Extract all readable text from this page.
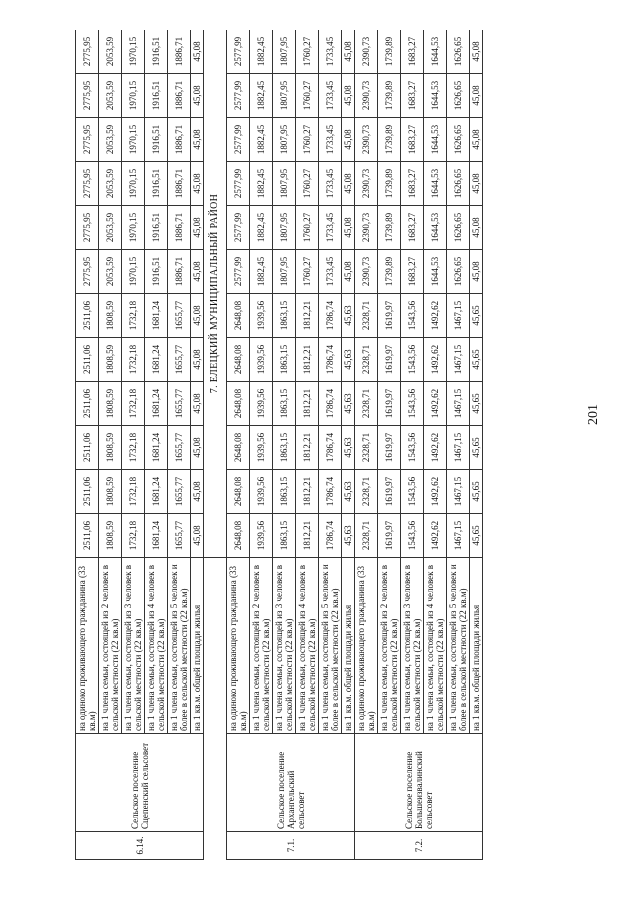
6.14.	Сельское поселение Сцепенский сельсовет	на одиноко проживающего гражданина (33 кв.м)	2511,06	2511,06	2511,06	2511,06	2511,06	2511,06	2775,95	2775,95	2775,95	2775,95	2775,95	2775,95
		на 1 члена семьи, состоящей из 2 человек в сельской местности (22 кв.м)	1808,59	1808,59	1808,59	1808,59	1808,59	1808,59	2053,59	2053,59	2053,59	2053,59	2053,59	2053,59
		на 1 члена семьи, состоящей из 3 человек в сельской местности (22 кв.м)	1732,18	1732,18	1732,18	1732,18	1732,18	1732,18	1970,15	1970,15	1970,15	1970,15	1970,15	1970,15
		на 1 члена семьи, состоящей из 4 человек в сельской местности (22 кв.м)	1681,24	1681,24	1681,24	1681,24	1681,24	1681,24	1916,51	1916,51	1916,51	1916,51	1916,51	1916,51
		на 1 члена семьи, состоящей из 5 человек и более в сельской местности (22 кв.м)	1655,77	1655,77	1655,77	1655,77	1655,77	1655,77	1886,71	1886,71	1886,71	1886,71	1886,71	1886,71
		на 1 кв.м. общей площади жилья	45,08	45,08	45,08	45,08	45,08	45,08	45,08	45,08	45,08	45,08	45,08	45,08
			7. ЕЛЕЦКИЙ МУНИЦИПАЛЬНЫЙ РАЙОН											
7.1.	Сельское поселение Архангельский сельсовет	на одиноко проживающего гражданина (33 кв.м)	2648,08	2648,08	2648,08	2648,08	2648,08	2648,08	2577,99	2577,99	2577,99	2577,99	2577,99	2577,99
		на 1 члена семьи, состоящей из 2 человек в сельской местности (22 кв.м)	1939,56	1939,56	1939,56	1939,56	1939,56	1939,56	1882,45	1882,45	1882,45	1882,45	1882,45	1882,45
		на 1 члена семьи, состоящей из 3 человек в сельской местности (22 кв.м)	1863,15	1863,15	1863,15	1863,15	1863,15	1863,15	1807,95	1807,95	1807,95	1807,95	1807,95	1807,95
		на 1 члена семьи, состоящей из 4 человек в сельской местности (22 кв.м)	1812,21	1812,21	1812,21	1812,21	1812,21	1812,21	1760,27	1760,27	1760,27	1760,27	1760,27	1760,27
		на 1 члена семьи, состоящей из 5 человек и более в сельской местности (22 кв.м)	1786,74	1786,74	1786,74	1786,74	1786,74	1786,74	1733,45	1733,45	1733,45	1733,45	1733,45	1733,45
		на 1 кв.м. общей площади жилья	45,63	45,63	45,63	45,63	45,63	45,63	45,08	45,08	45,08	45,08	45,08	45,08
7.2.	Сельское поселение Большеизвалинский сельсовет	на одиноко проживающего гражданина (33 кв.м)	2328,71	2328,71	2328,71	2328,71	2328,71	2328,71	2390,73	2390,73	2390,73	2390,73	2390,73	2390,73
		на 1 члена семьи, состоящей из 2 человек в сельской местности (22 кв.м)	1619,97	1619,97	1619,97	1619,97	1619,97	1619,97	1739,89	1739,89	1739,89	1739,89	1739,89	1739,89
		на 1 члена семьи, состоящей из 3 человек в сельской местности (22 кв.м)	1543,56	1543,56	1543,56	1543,56	1543,56	1543,56	1683,27	1683,27	1683,27	1683,27	1683,27	1683,27
		на 1 члена семьи, состоящей из 4 человек в сельской местности (22 кв.м)	1492,62	1492,62	1492,62	1492,62	1492,62	1492,62	1644,53	1644,53	1644,53	1644,53	1644,53	1644,53
		на 1 члена семьи, состоящей из 5 человек и более в сельской местности (22 кв.м)	1467,15	1467,15	1467,15	1467,15	1467,15	1467,15	1626,65	1626,65	1626,65	1626,65	1626,65	1626,65
		на 1 кв.м. общей площади жилья	45,65	45,65	45,65	45,65	45,65	45,65	45,08	45,08	45,08	45,08	45,08	45,08
201
